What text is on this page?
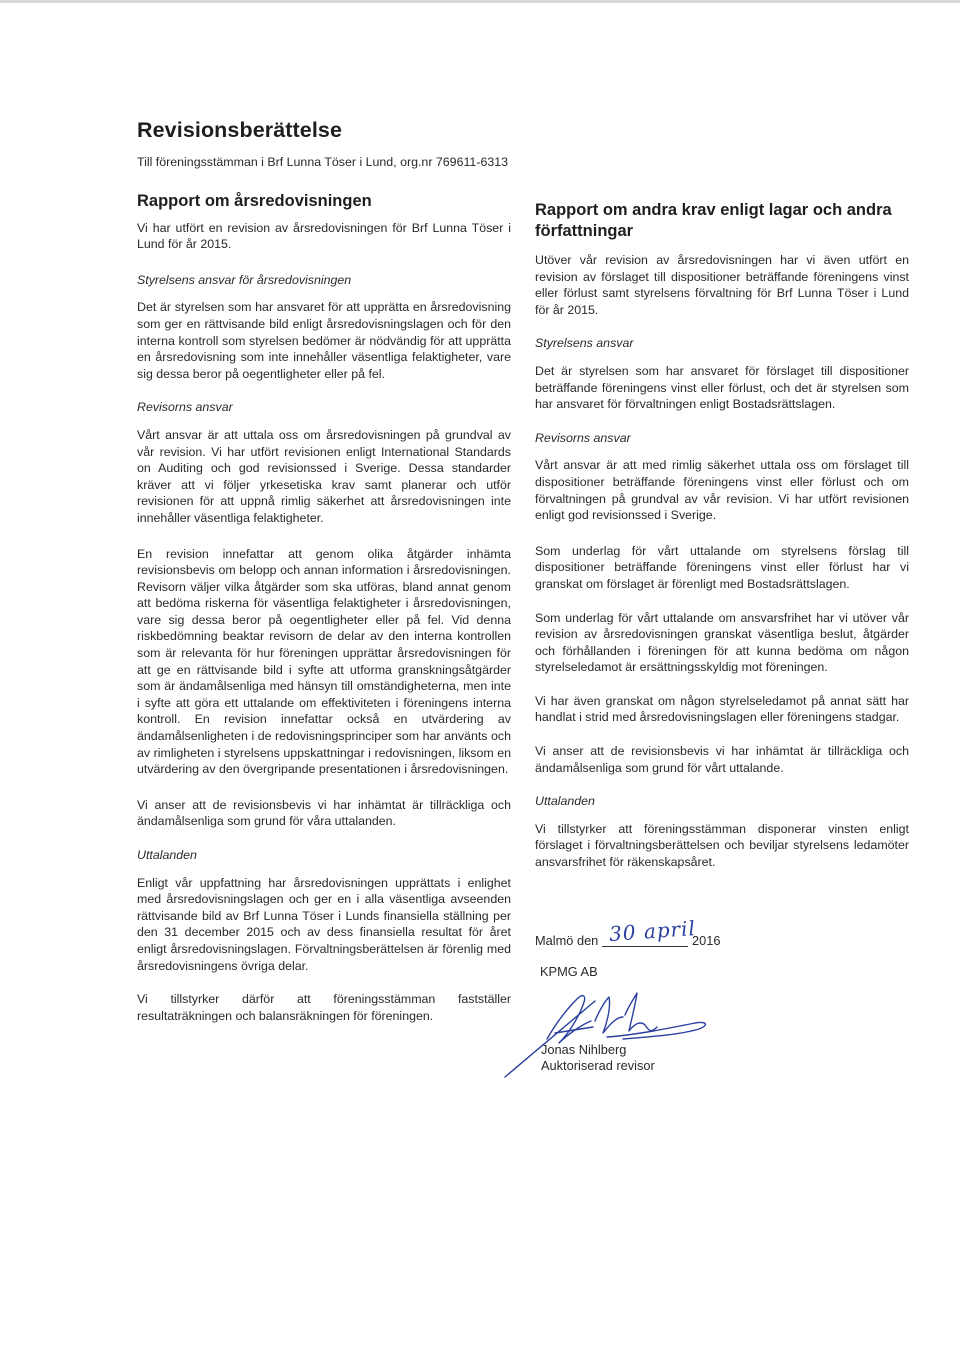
Revisionsberättelse

Till föreningsstämman i Brf Lunna Töser i Lund, org.nr 769611-6313

Rapport om årsredovisningen

Vi har utfört en revision av årsredovisningen för Brf Lunna Töser i Lund för år 2015.

Styrelsens ansvar för årsredovisningen

Det är styrelsen som har ansvaret för att upprätta en årsredovisning som ger en rättvisande bild enligt årsredovisningslagen och för den interna kontroll som styrelsen bedömer är nödvändig för att upprätta en årsredovisning som inte innehåller väsentliga felaktigheter, vare sig dessa beror på oegentligheter eller på fel.

Revisorns ansvar

Vårt ansvar är att uttala oss om årsredovisningen på grundval av vår revision. Vi har utfört revisionen enligt International Standards on Auditing och god revisionssed i Sverige. Dessa standarder kräver att vi följer yrkesetiska krav samt planerar och utför revisionen för att uppnå rimlig säkerhet att årsredovisningen inte innehåller väsentliga felaktigheter.

En revision innefattar att genom olika åtgärder inhämta revisionsbevis om belopp och annan information i årsredovisningen. Revisorn väljer vilka åtgärder som ska utföras, bland annat genom att bedöma riskerna för väsentliga felaktigheter i årsredovisningen, vare sig dessa beror på oegentligheter eller på fel. Vid denna riskbedömning beaktar revisorn de delar av den interna kontrollen som är relevanta för hur föreningen upprättar årsredovisningen för att ge en rättvisande bild i syfte att utforma granskningsåtgärder som är ändamålsenliga med hänsyn till omständigheterna, men inte i syfte att göra ett uttalande om effektiviteten i föreningens interna kontroll. En revision innefattar också en utvärdering av ändamålsenligheten i de redovisningsprinciper som har använts och av rimligheten i styrelsens uppskattningar i redovisningen, liksom en utvärdering av den övergripande presentationen i årsredovisningen.

Vi anser att de revisionsbevis vi har inhämtat är tillräckliga och ändamålsenliga som grund för våra uttalanden.

Uttalanden

Enligt vår uppfattning har årsredovisningen upprättats i enlighet med årsredovisningslagen och ger en i alla väsentliga avseenden rättvisande bild av Brf Lunna Töser i Lunds finansiella ställning per den 31 december 2015 och av dess finansiella resultat för året enligt årsredovisningslagen. Förvaltningsberättelsen är förenlig med årsredovisningens övriga delar.

Vi tillstyrker därför att föreningsstämman fastställer resultaträkningen och balansräkningen för föreningen.

Rapport om andra krav enligt lagar och andra författningar

Utöver vår revision av årsredovisningen har vi även utfört en revision av förslaget till dispositioner beträffande föreningens vinst eller förlust samt styrelsens förvaltning för Brf Lunna Töser i Lund för år 2015.

Styrelsens ansvar

Det är styrelsen som har ansvaret för förslaget till dispositioner beträffande föreningens vinst eller förlust, och det är styrelsen som har ansvaret för förvaltningen enligt Bostadsrättslagen.

Revisorns ansvar

Vårt ansvar är att med rimlig säkerhet uttala oss om förslaget till dispositioner beträffande föreningens vinst eller förlust och om förvaltningen på grundval av vår revision. Vi har utfört revisionen enligt god revisionssed i Sverige.

Som underlag för vårt uttalande om styrelsens förslag till dispositioner beträffande föreningens vinst eller förlust har vi granskat om förslaget är förenligt med Bostadsrättslagen.

Som underlag för vårt uttalande om ansvarsfrihet har vi utöver vår revision av årsredovisningen granskat väsentliga beslut, åtgärder och förhållanden i föreningen för att kunna bedöma om någon styrelseledamot är ersättningsskyldig mot föreningen.

Vi har även granskat om någon styrelseledamot på annat sätt har handlat i strid med årsredovisningslagen eller föreningens stadgar.

Vi anser att de revisionsbevis vi har inhämtat är tillräckliga och ändamålsenliga som grund för vårt uttalande.

Uttalanden

Vi tillstyrker att föreningsstämman disponerar vinsten enligt förslaget i förvaltningsberättelsen och beviljar styrelsens ledamöter ansvarsfrihet för räkenskapsåret.

Malmö den 30 april
2016
KPMG AB
Jonas Nihlberg
Auktoriserad revisor
